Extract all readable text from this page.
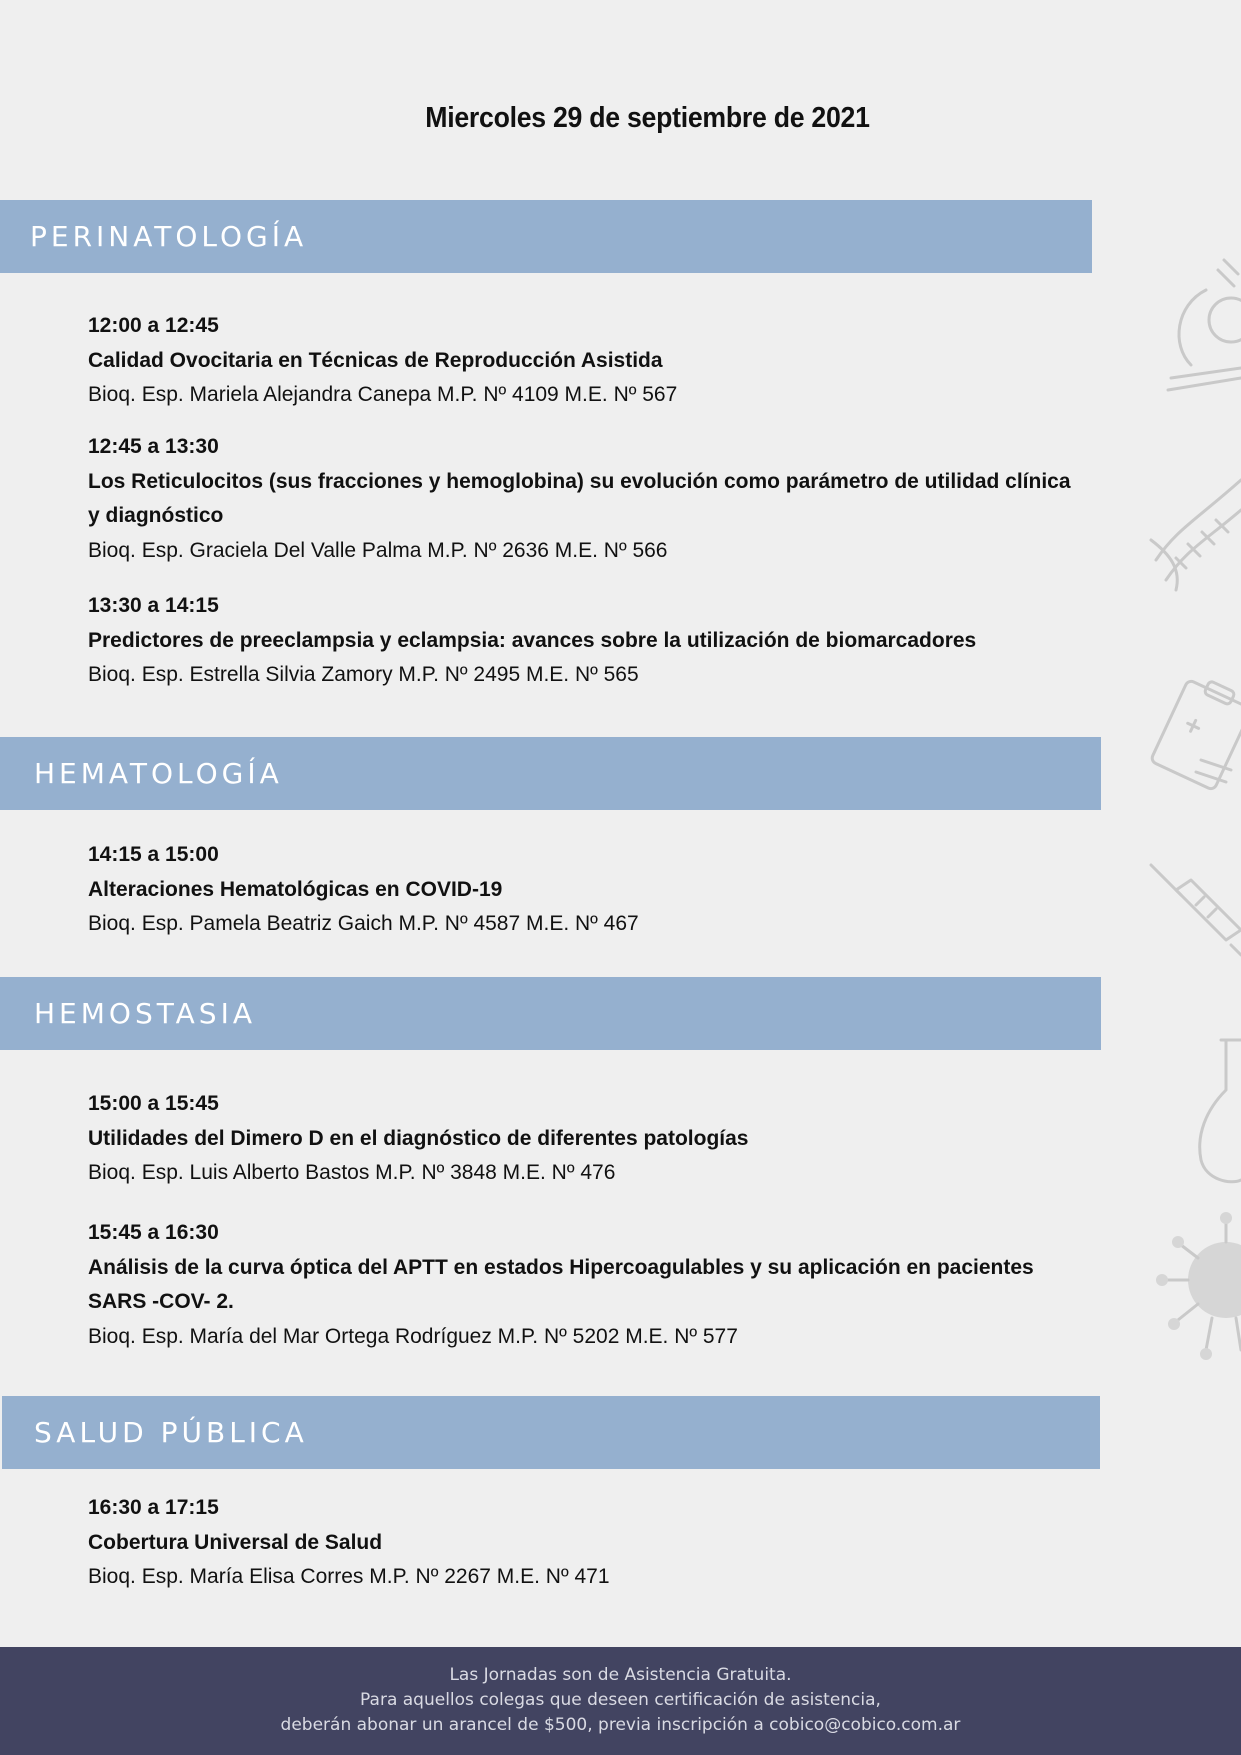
Miercoles 29 de septiembre de 2021
PERINATOLOGÍA
12:00 a 12:45
Calidad Ovocitaria en Técnicas de Reproducción Asistida
Bioq. Esp. Mariela Alejandra Canepa M.P. Nº 4109 M.E. Nº 567
12:45 a 13:30
Los Reticulocitos (sus fracciones y hemoglobina) su evolución como parámetro de utilidad clínica y diagnóstico
Bioq. Esp. Graciela Del Valle Palma M.P. Nº 2636 M.E. Nº 566
13:30 a 14:15
Predictores de preeclampsia y eclampsia: avances sobre la utilización de biomarcadores
Bioq. Esp. Estrella Silvia Zamory M.P. Nº 2495 M.E. Nº 565
HEMATOLOGÍA
14:15 a 15:00
Alteraciones Hematológicas en COVID-19
Bioq. Esp. Pamela Beatriz Gaich M.P. Nº 4587 M.E. Nº 467
HEMOSTASIA
15:00 a 15:45
Utilidades del Dimero D en el diagnóstico de diferentes patologías
Bioq. Esp. Luis Alberto Bastos M.P. Nº 3848 M.E. Nº 476
15:45 a 16:30
Análisis de la curva óptica del APTT en estados Hipercoagulables y su aplicación en pacientes SARS -COV- 2.
Bioq. Esp. María del Mar Ortega Rodríguez M.P. Nº 5202 M.E. Nº 577
SALUD PÚBLICA
16:30 a 17:15
Cobertura Universal de Salud
Bioq. Esp. María Elisa Corres M.P. Nº 2267 M.E. Nº 471
Las Jornadas son de Asistencia Gratuita.
Para aquellos colegas que deseen certificación de asistencia,
deberán abonar un arancel de $500, previa inscripción a cobico@cobico.com.ar
